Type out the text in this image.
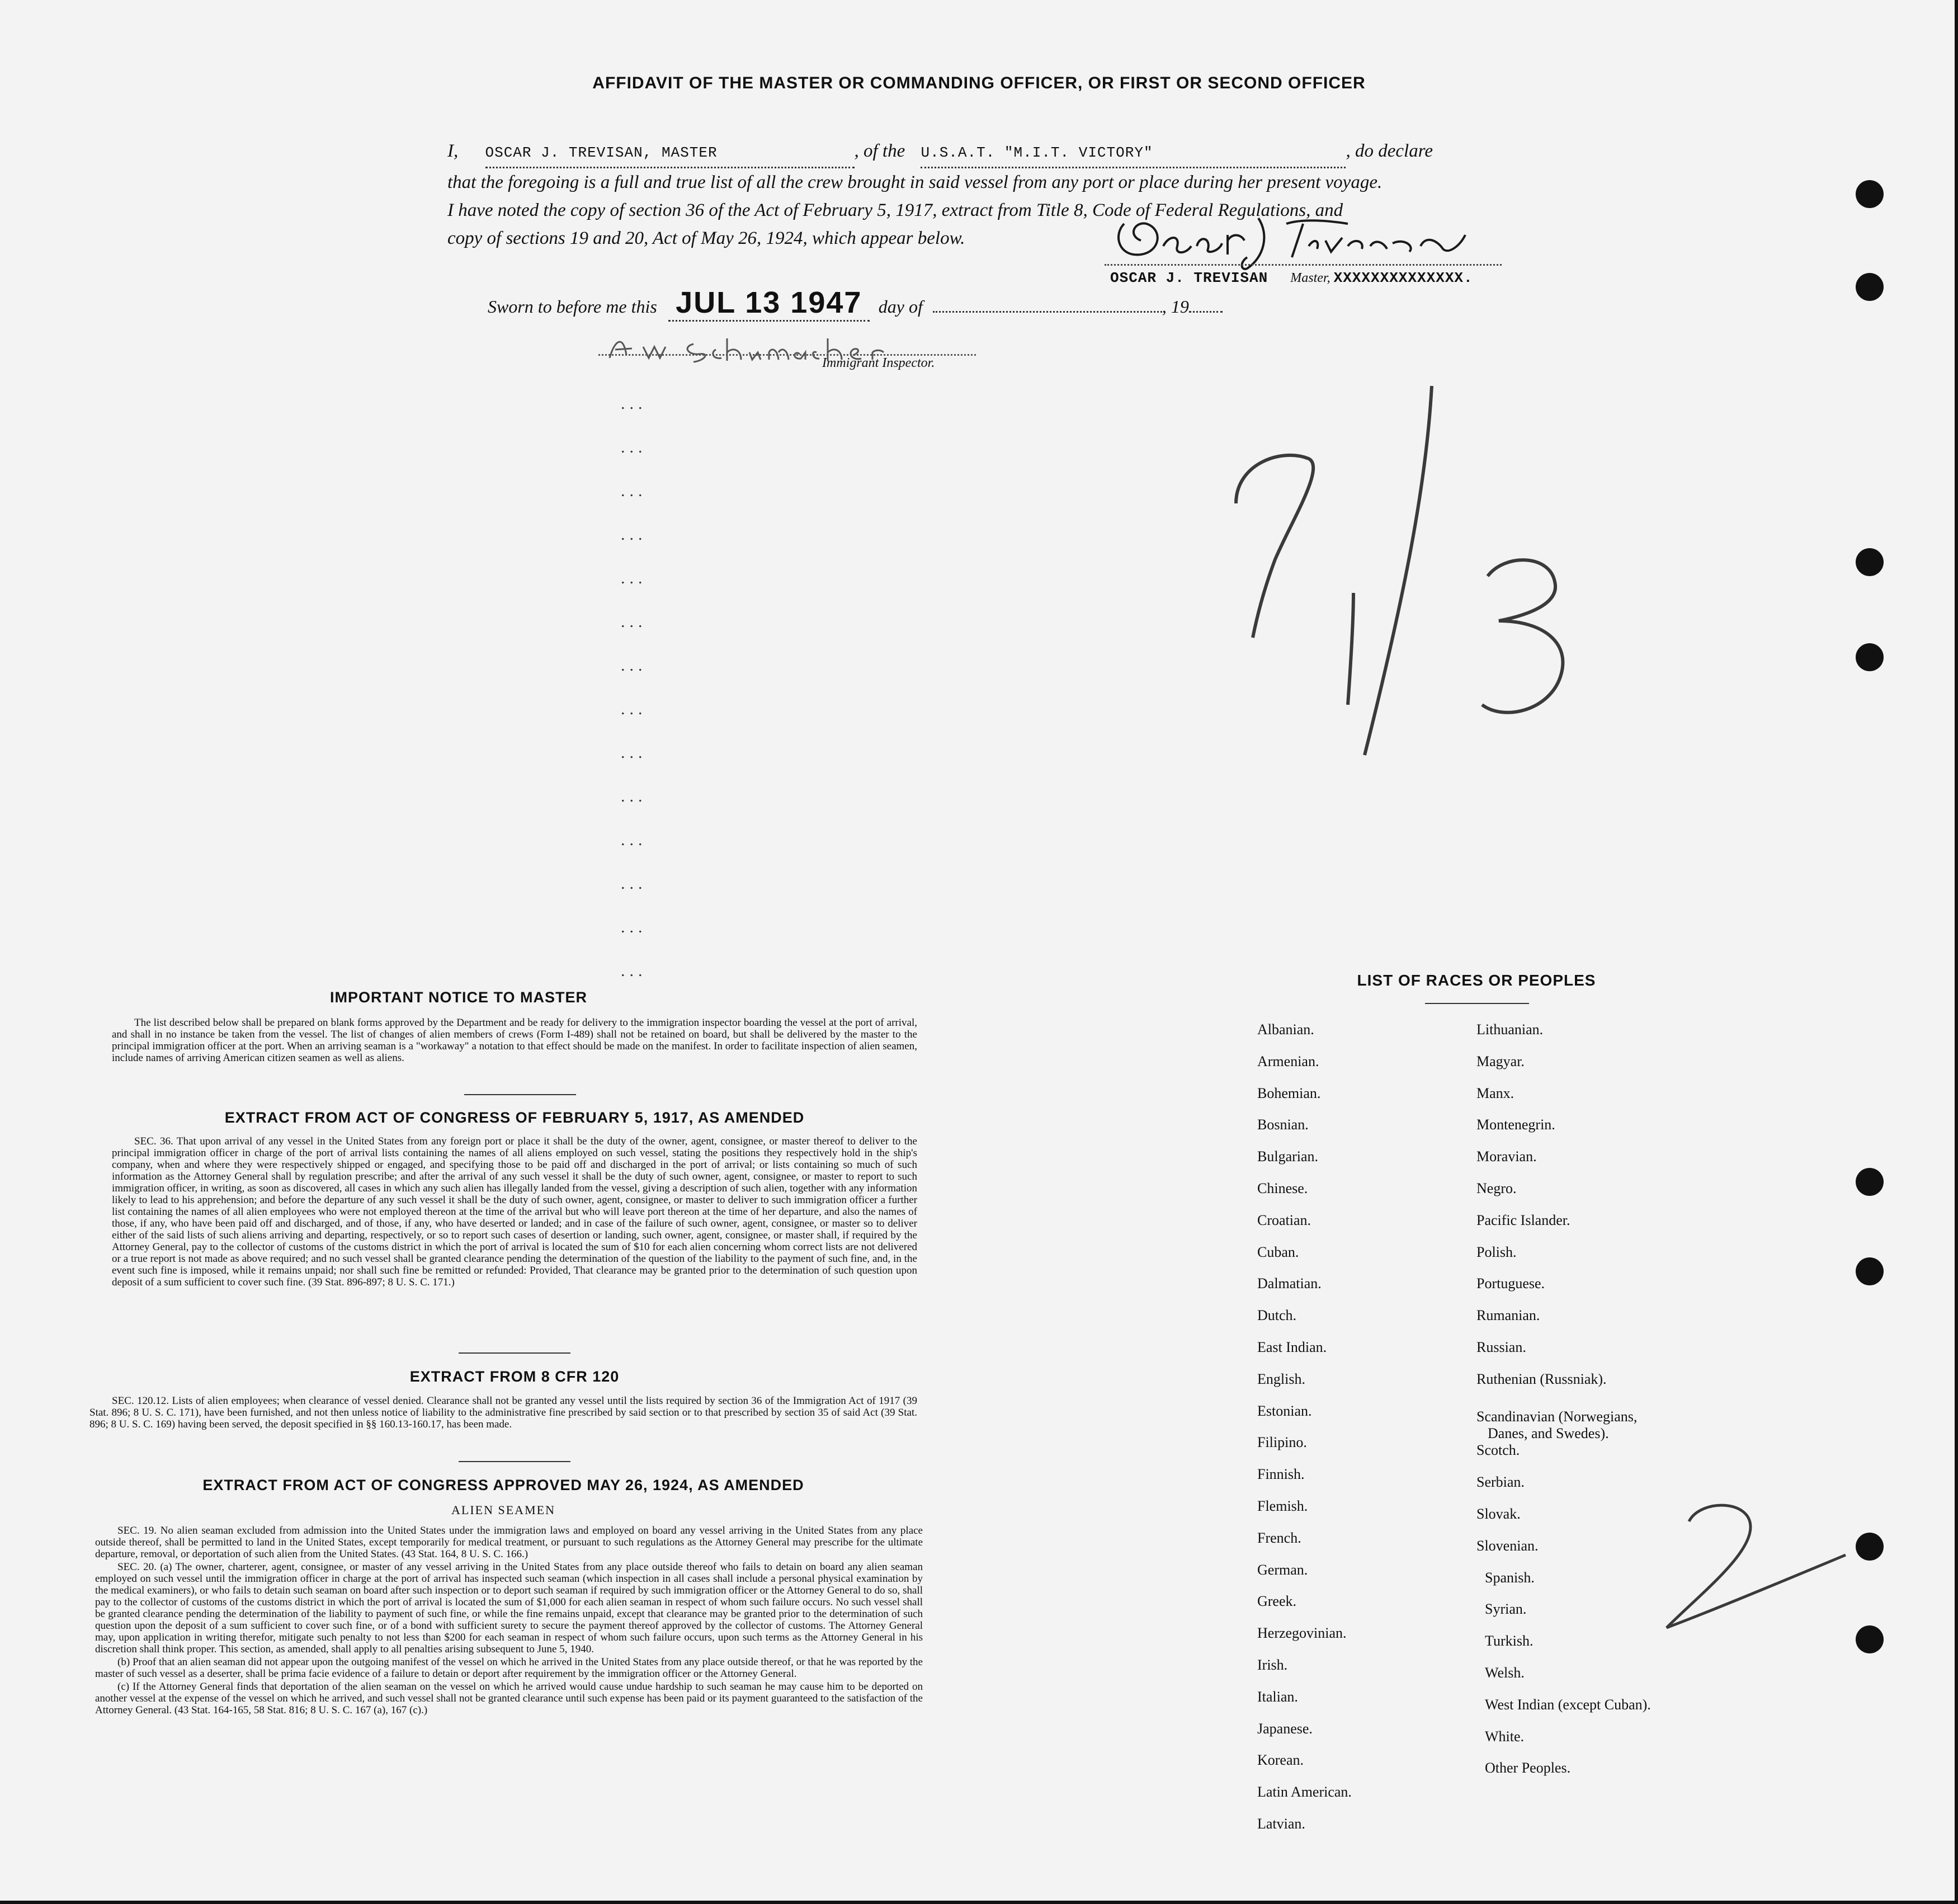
AFFIDAVIT OF THE MASTER OR COMMANDING OFFICER, OR FIRST OR SECOND OFFICER
I, OSCAR J. TREVISAN, MASTER	, of the U.S.A.T. "M.I.T. VICTORY"	, do declare
that the foregoing is a full and true list of all the crew brought in said vessel from any port or place during her present voyage.
I have noted the copy of section 36 of the Act of February 5, 1917, extract from Title 8, Code of Federal Regulations, and
copy of sections 19 and 20, Act of May 26, 1924, which appear below.
OSCAR J. TREVISAN Master, XXXXXXXXXXXXXX.
Sworn to before me this JUL 13 1947 day of	, 19
Immigrant Inspector.
...
...
...
...
...
...
...
...
...
...
...
...
...
...
IMPORTANT NOTICE TO MASTER
The list described below shall be prepared on blank forms approved by the Department and be ready for delivery to the immigration inspector boarding the vessel at the port of arrival, and shall in no instance be taken from the vessel. The list of changes of alien members of crews (Form I-489) shall not be retained on board, but shall be delivered by the master to the principal immigration officer at the port. When an arriving seaman is a "workaway" a notation to that effect should be made on the manifest. In order to facilitate inspection of alien seamen, include names of arriving American citizen seamen as well as aliens.
EXTRACT FROM ACT OF CONGRESS OF FEBRUARY 5, 1917, AS AMENDED
SEC. 36. That upon arrival of any vessel in the United States from any foreign port or place it shall be the duty of the owner, agent, consignee, or master thereof to deliver to the principal immigration officer in charge of the port of arrival lists containing the names of all aliens employed on such vessel, stating the positions they respectively hold in the ship's company, when and where they were respectively shipped or engaged, and specifying those to be paid off and discharged in the port of arrival; or lists containing so much of such information as the Attorney General shall by regulation prescribe; and after the arrival of any such vessel it shall be the duty of such owner, agent, consignee, or master to report to such immigration officer, in writing, as soon as discovered, all cases in which any such alien has illegally landed from the vessel, giving a description of such alien, together with any information likely to lead to his apprehension; and before the departure of any such vessel it shall be the duty of such owner, agent, consignee, or master to deliver to such immigration officer a further list containing the names of all alien employees who were not employed thereon at the time of the arrival but who will leave port thereon at the time of her departure, and also the names of those, if any, who have been paid off and discharged, and of those, if any, who have deserted or landed; and in case of the failure of such owner, agent, consignee, or master so to deliver either of the said lists of such aliens arriving and departing, respectively, or so to report such cases of desertion or landing, such owner, agent, consignee, or master shall, if required by the Attorney General, pay to the collector of customs of the customs district in which the port of arrival is located the sum of $10 for each alien concerning whom correct lists are not delivered or a true report is not made as above required; and no such vessel shall be granted clearance pending the determination of the question of the liability to the payment of such fine, and, in the event such fine is imposed, while it remains unpaid; nor shall such fine be remitted or refunded: Provided, That clearance may be granted prior to the determination of such question upon deposit of a sum sufficient to cover such fine. (39 Stat. 896-897; 8 U. S. C. 171.)
EXTRACT FROM 8 CFR 120
SEC. 120.12. Lists of alien employees; when clearance of vessel denied. Clearance shall not be granted any vessel until the lists required by section 36 of the Immigration Act of 1917 (39 Stat. 896; 8 U. S. C. 171), have been furnished, and not then unless notice of liability to the administrative fine prescribed by said section or to that prescribed by section 35 of said Act (39 Stat. 896; 8 U. S. C. 169) having been served, the deposit specified in §§ 160.13-160.17, has been made.
EXTRACT FROM ACT OF CONGRESS APPROVED MAY 26, 1924, AS AMENDED
ALIEN SEAMEN

SEC. 19. No alien seaman excluded from admission into the United States under the immigration laws and employed on board any vessel arriving in the United States from any place outside thereof, shall be permitted to land in the United States, except temporarily for medical treatment, or pursuant to such regulations as the Attorney General may prescribe for the ultimate departure, removal, or deportation of such alien from the United States. (43 Stat. 164, 8 U. S. C. 166.)

SEC. 20. (a) The owner, charterer, agent, consignee, or master of any vessel arriving in the United States from any place outside thereof who fails to detain on board any alien seaman employed on such vessel until the immigration officer in charge at the port of arrival has inspected such seaman (which inspection in all cases shall include a personal physical examination by the medical examiners), or who fails to detain such seaman on board after such inspection or to deport such seaman if required by such immigration officer or the Attorney General to do so, shall pay to the collector of customs of the customs district in which the port of arrival is located the sum of $1,000 for each alien seaman in respect of whom such failure occurs. No such vessel shall be granted clearance pending the determination of the liability to payment of such fine, or while the fine remains unpaid, except that clearance may be granted prior to the determination of such question upon the deposit of a sum sufficient to cover such fine, or of a bond with sufficient surety to secure the payment thereof approved by the collector of customs. The Attorney General may, upon application in writing therefor, mitigate such penalty to not less than $200 for each seaman in respect of whom such failure occurs, upon such terms as the Attorney General in his discretion shall think proper. This section, as amended, shall apply to all penalties arising subsequent to June 5, 1940.

(b) Proof that an alien seaman did not appear upon the outgoing manifest of the vessel on which he arrived in the United States from any place outside thereof, or that he was reported by the master of such vessel as a deserter, shall be prima facie evidence of a failure to detain or deport after requirement by the immigration officer or the Attorney General.

(c) If the Attorney General finds that deportation of the alien seaman on the vessel on which he arrived would cause undue hardship to such seaman he may cause him to be deported on another vessel at the expense of the vessel on which he arrived, and such vessel shall not be granted clearance until such expense has been paid or its payment guaranteed to the satisfaction of the Attorney General. (43 Stat. 164-165, 58 Stat. 816; 8 U. S. C. 167 (a), 167 (c).)

LIST OF RACES OR PEOPLES
Albanian.
Armenian.
Bohemian.
Bosnian.
Bulgarian.
Chinese.
Croatian.
Cuban.
Dalmatian.
Dutch.
East Indian.
English.
Estonian.
Filipino.
Finnish.
Flemish.
French.
German.
Greek.
Herzegovinian.
Irish.
Italian.
Japanese.
Korean.
Latin American.
Latvian.
Lithuanian.
Magyar.
Manx.
Montenegrin.
Moravian.
Negro.
Pacific Islander.
Polish.
Portuguese.
Rumanian.
Russian.
Ruthenian (Russniak).
Scandinavian (Norwegians,
Danes, and Swedes).
Scotch.
Serbian.
Slovak.
Slovenian.
Spanish.
Syrian.
Turkish.
Welsh.
West Indian (except Cuban).
White.
Other Peoples.
